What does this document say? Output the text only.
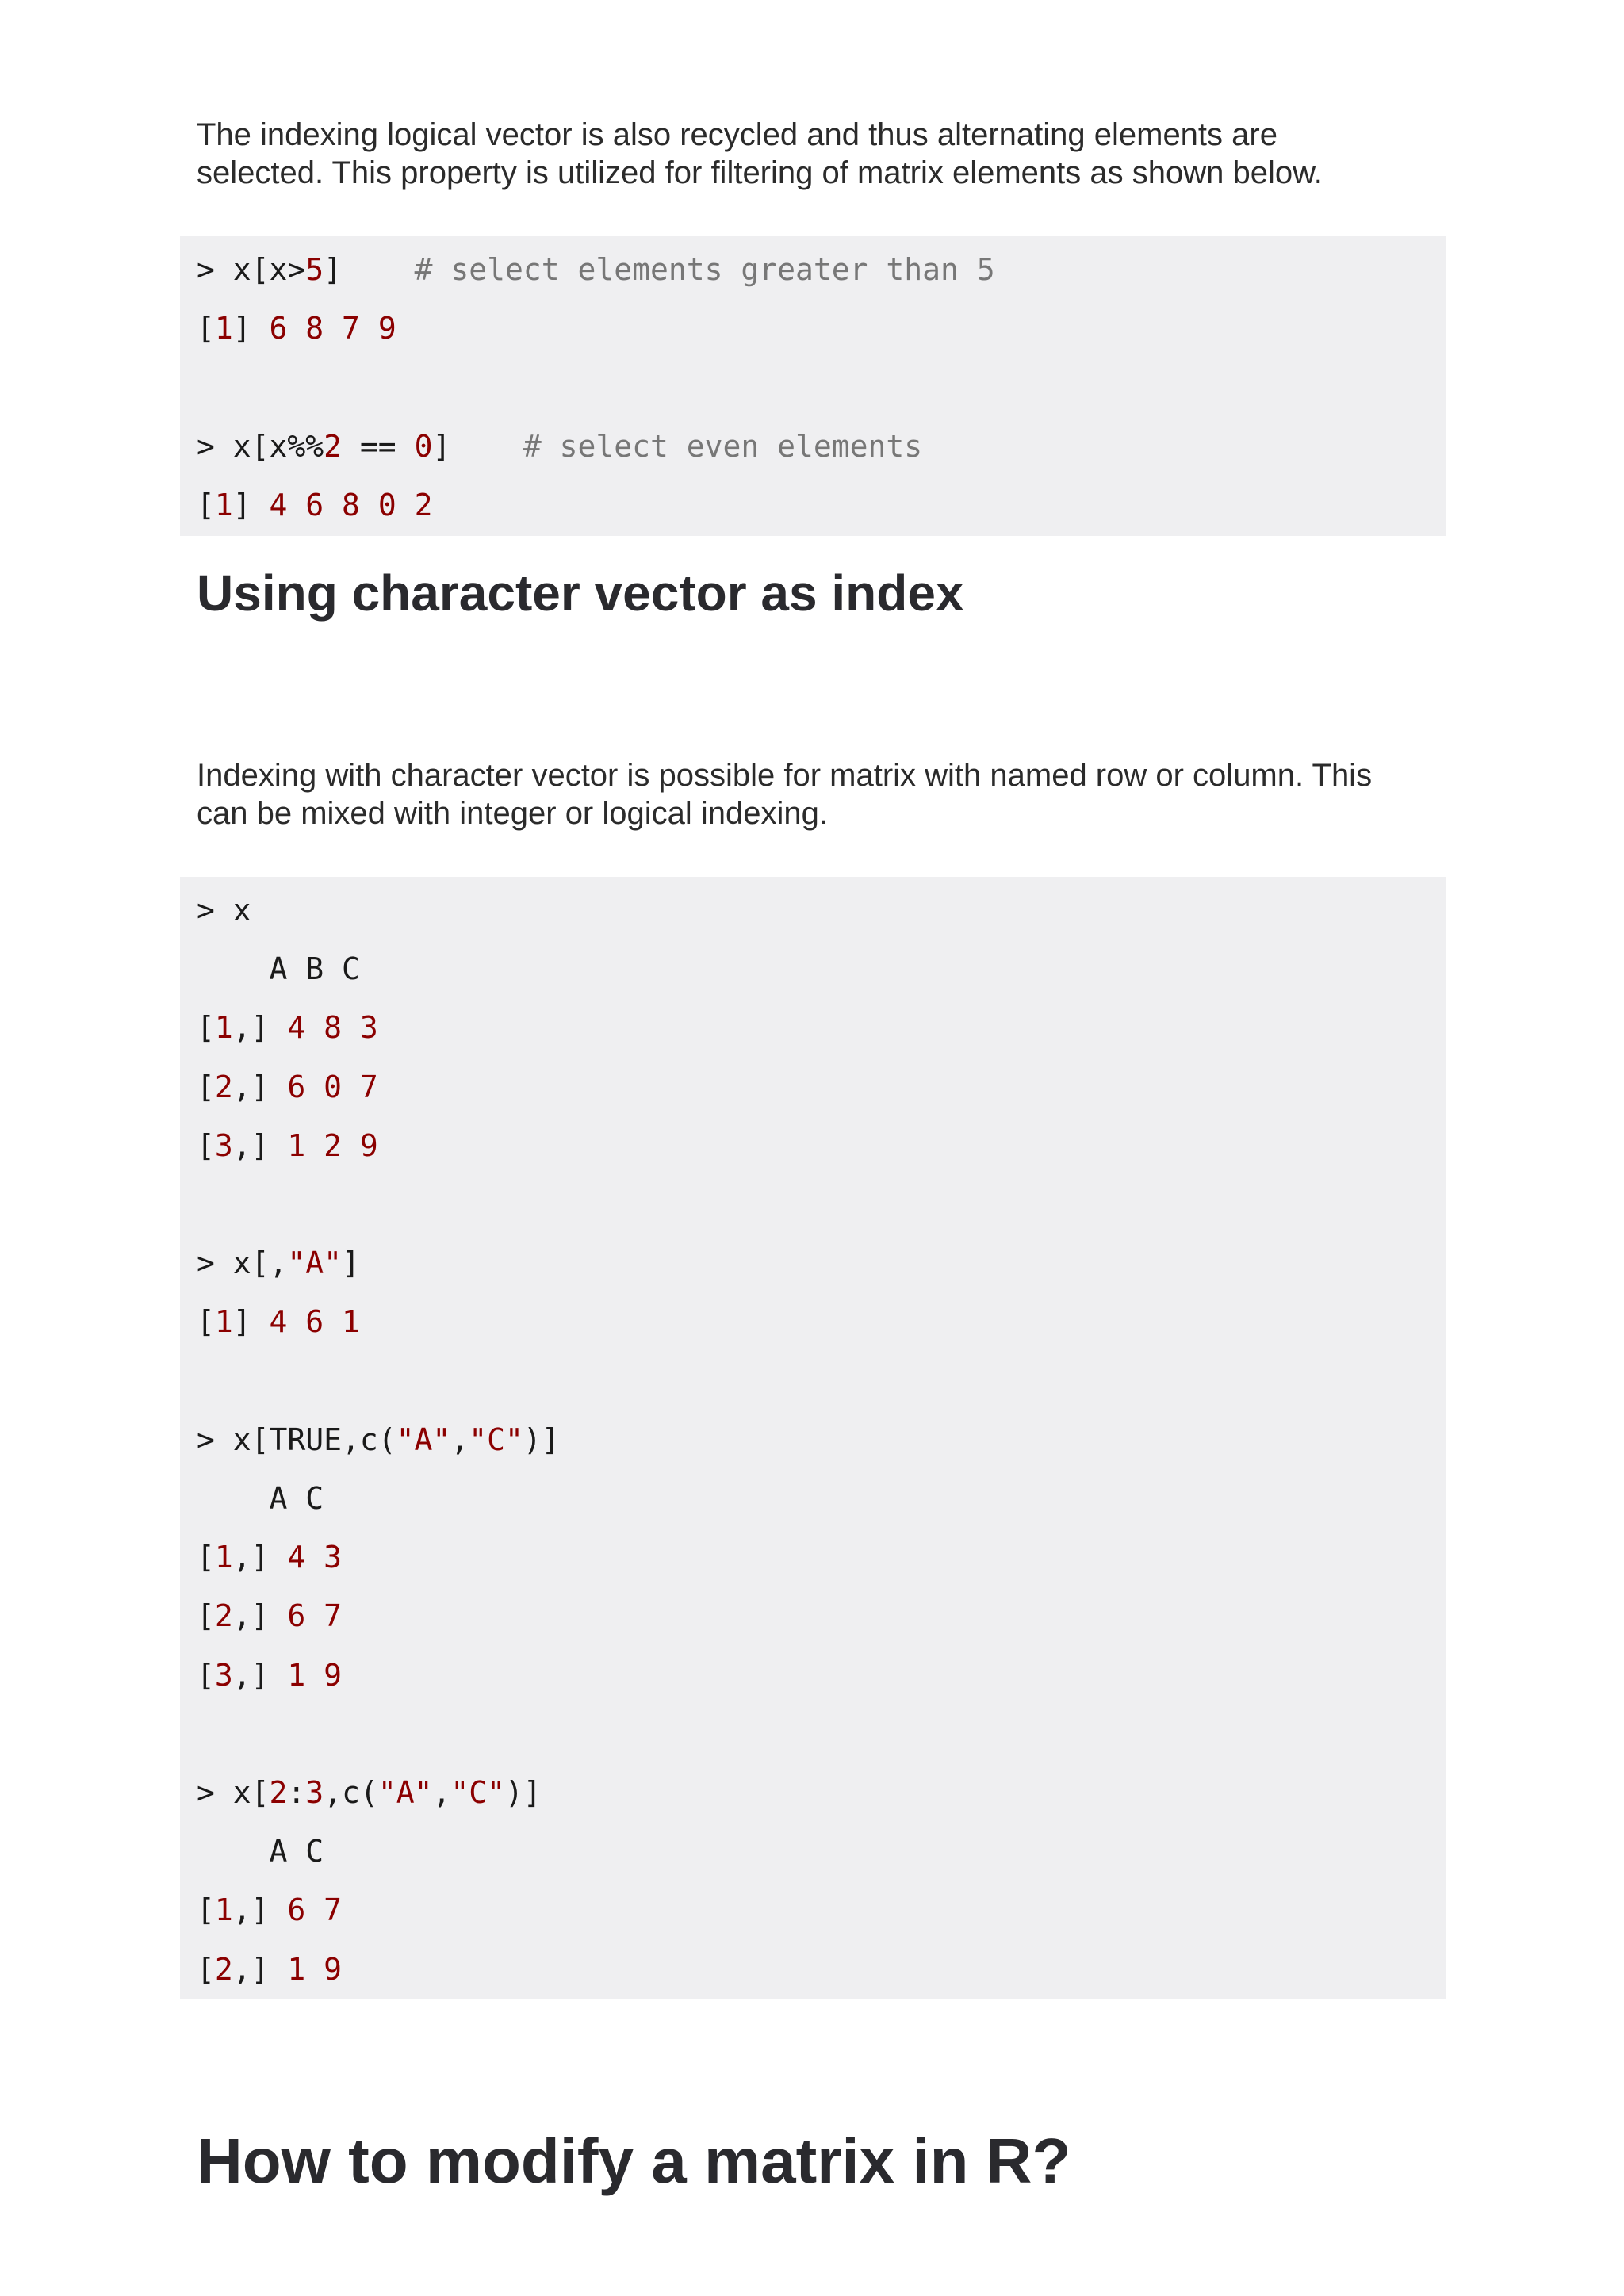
The indexing logical vector is also recycled and thus alternating elements are
selected. This property is utilized for filtering of matrix elements as shown below.

> x[x>5]    # select elements greater than 5
[1] 6 8 7 9
> x[x%%2 == 0]    # select even elements
[1] 4 6 8 0 2
Using character vector as index

Indexing with character vector is possible for matrix with named row or column. This
can be mixed with integer or logical indexing.

> x
A B C
[1,] 4 8 3
[2,] 6 0 7
[3,] 1 2 9
> x[,"A"]
[1] 4 6 1
> x[TRUE,c("A","C")]
A C
[1,] 4 3
[2,] 6 7
[3,] 1 9
> x[2:3,c("A","C")]
A C
[1,] 6 7
[2,] 1 9
How to modify a matrix in R?
